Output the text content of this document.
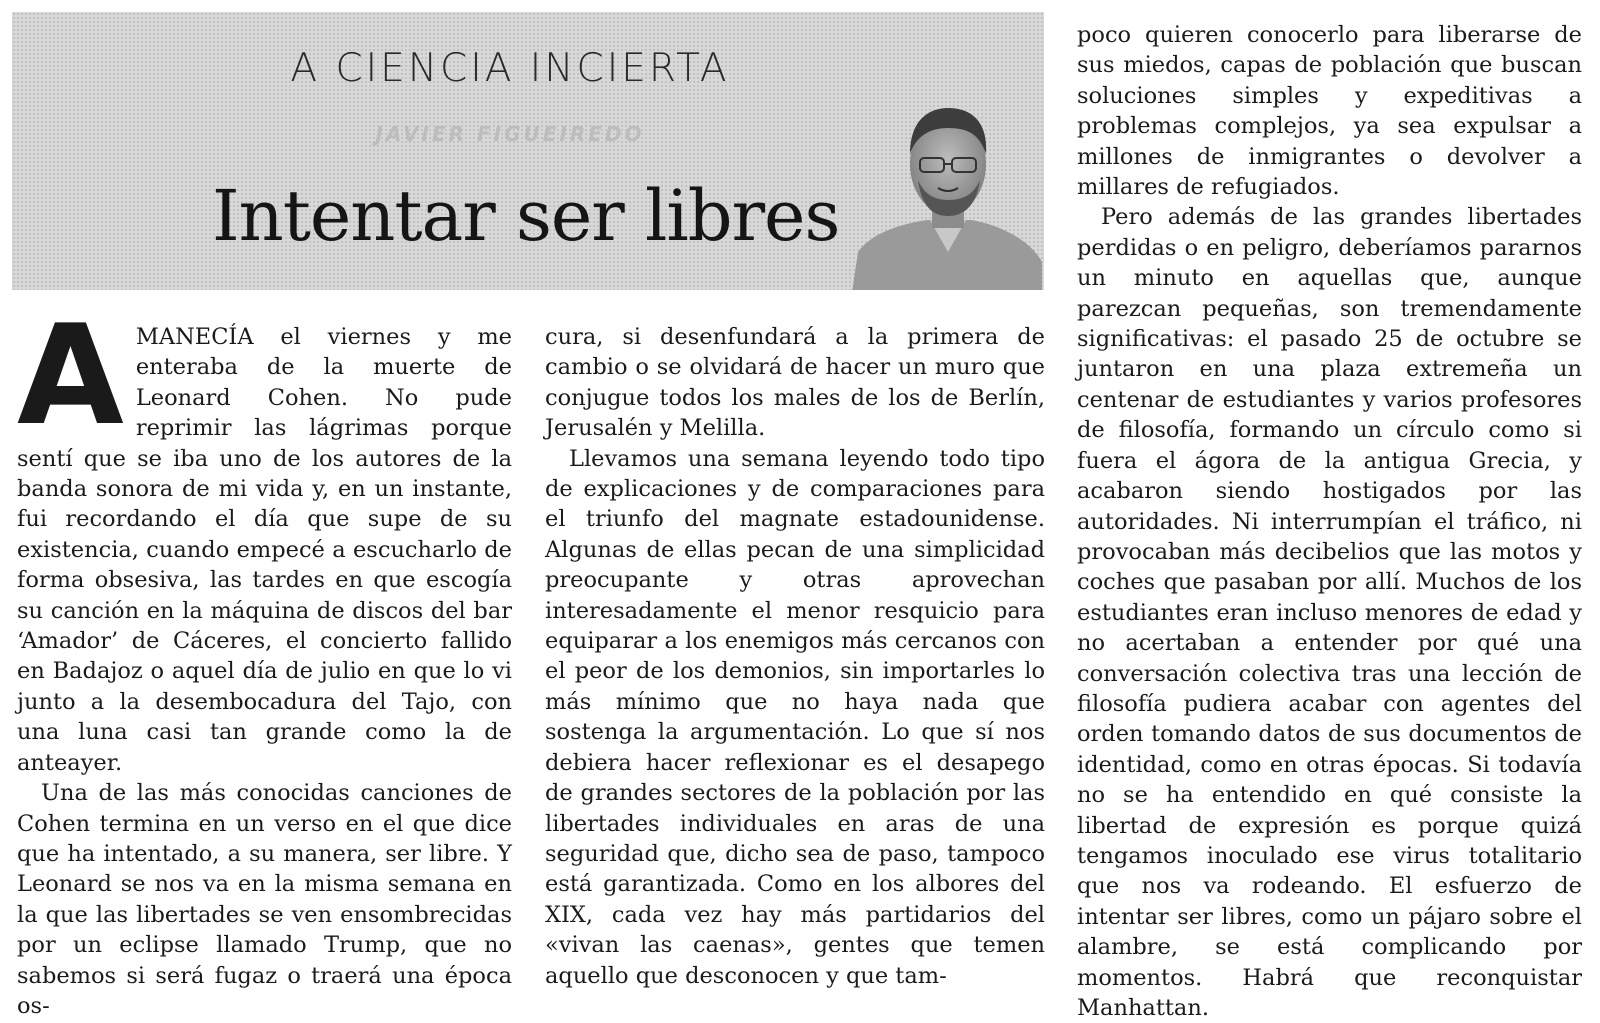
A CIENCIA INCIERTA
JAVIER FIGUEIREDO
Intentar ser libres
A MANECÍA el viernes y me enteraba de la muerte de Leonard Cohen. No pude reprimir las lágrimas porque sentí que se iba uno de los autores de la banda sonora de mi vida y, en un instante, fui recordando el día que supe de su existencia, cuando empecé a escucharlo de forma obsesiva, las tardes en que escogía su canción en la máquina de discos del bar ‘Amador’ de Cáceres, el concierto fallido en Badajoz o aquel día de julio en que lo vi junto a la desembocadura del Tajo, con una luna casi tan grande como la de anteayer.

Una de las más conocidas canciones de Cohen termina en un verso en el que dice que ha intentado, a su manera, ser libre. Y Leonard se nos va en la misma semana en la que las libertades se ven ensombrecidas por un eclipse llamado Trump, que no sabemos si será fugaz o traerá una época os-

cura, si desenfundará a la primera de cambio o se olvidará de hacer un muro que conjugue todos los males de los de Berlín, Jerusalén y Melilla.

Llevamos una semana leyendo todo tipo de explicaciones y de comparaciones para el triunfo del magnate estadounidense. Algunas de ellas pecan de una simplicidad preocupante y otras aprovechan interesadamente el menor resquicio para equiparar a los enemigos más cercanos con el peor de los demonios, sin importarles lo más mínimo que no haya nada que sostenga la argumentación. Lo que sí nos debiera hacer reflexionar es el desapego de grandes sectores de la población por las libertades individuales en aras de una seguridad que, dicho sea de paso, tampoco está garantizada. Como en los albores del XIX, cada vez hay más partidarios del «vivan las caenas», gentes que temen aquello que desconocen y que tam-

poco quieren conocerlo para liberarse de sus miedos, capas de población que buscan soluciones simples y expeditivas a problemas complejos, ya sea expulsar a millones de inmigrantes o devolver a millares de refugiados.

Pero además de las grandes libertades perdidas o en peligro, deberíamos pararnos un minuto en aquellas que, aunque parezcan pequeñas, son tremendamente significativas: el pasado 25 de octubre se juntaron en una plaza extremeña un centenar de estudiantes y varios profesores de filosofía, formando un círculo como si fuera el ágora de la antigua Grecia, y acabaron siendo hostigados por las autoridades. Ni interrumpían el tráfico, ni provocaban más decibelios que las motos y coches que pasaban por allí. Muchos de los estudiantes eran incluso menores de edad y no acertaban a entender por qué una conversación colectiva tras una lección de filosofía pudiera acabar con agentes del orden tomando datos de sus documentos de identidad, como en otras épocas. Si todavía no se ha entendido en qué consiste la libertad de expresión es porque quizá tengamos inoculado ese virus totalitario que nos va rodeando. El esfuerzo de intentar ser libres, como un pájaro sobre el alambre, se está complicando por momentos. Habrá que reconquistar Manhattan.
